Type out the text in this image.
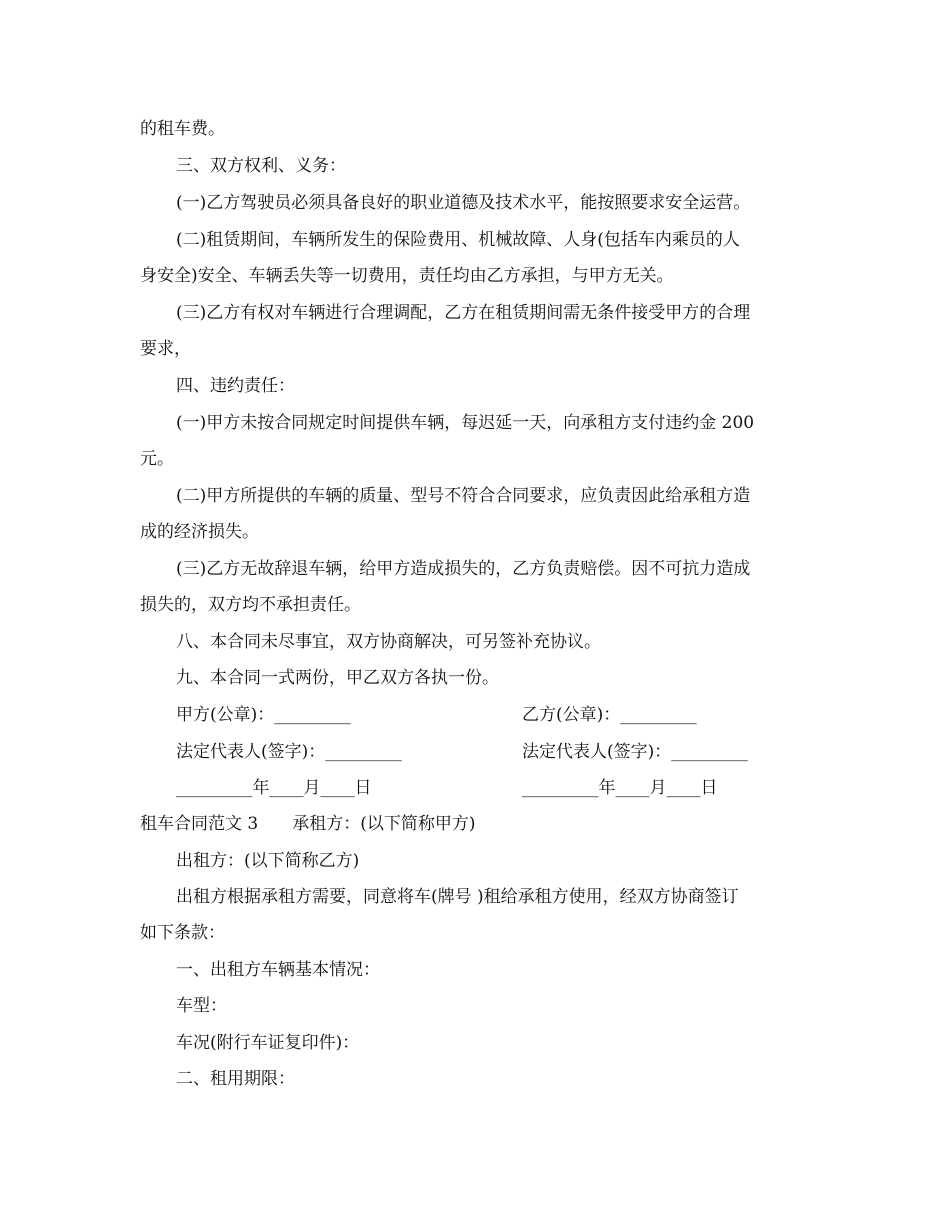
的租车费。
三、双方权利、义务：
(一)乙方驾驶员必须具备良好的职业道德及技术水平，能按照要求安全运营。
(二)租赁期间，车辆所发生的保险费用、机械故障、人身(包括车内乘员的人
身安全)安全、车辆丢失等一切费用，责任均由乙方承担，与甲方无关。
(三)乙方有权对车辆进行合理调配，乙方在租赁期间需无条件接受甲方的合理
要求，
四、违约责任：
(一)甲方未按合同规定时间提供车辆，每迟延一天，向承租方支付违约金 200
元。
(二)甲方所提供的车辆的质量、型号不符合合同要求，应负责因此给承租方造
成的经济损失。
(三)乙方无故辞退车辆，给甲方造成损失的，乙方负责赔偿。因不可抗力造成
损失的，双方均不承担责任。
八、本合同未尽事宜，双方协商解决，可另签补充协议。
九、本合同一式两份，甲乙双方各执一份。
甲方(公章)：_________	乙方(公章)：_________
法定代表人(签字)：_________	法定代表人(签字)：_________
_________年____月____日	_________年____月____日
租车合同范文 3　　承租方：(以下简称甲方)
出租方：(以下简称乙方)
出租方根据承租方需要，同意将车(牌号 )租给承租方使用，经双方协商签订
如下条款：
一、出租方车辆基本情况：
车型：
车况(附行车证复印件)：
二、租用期限：
